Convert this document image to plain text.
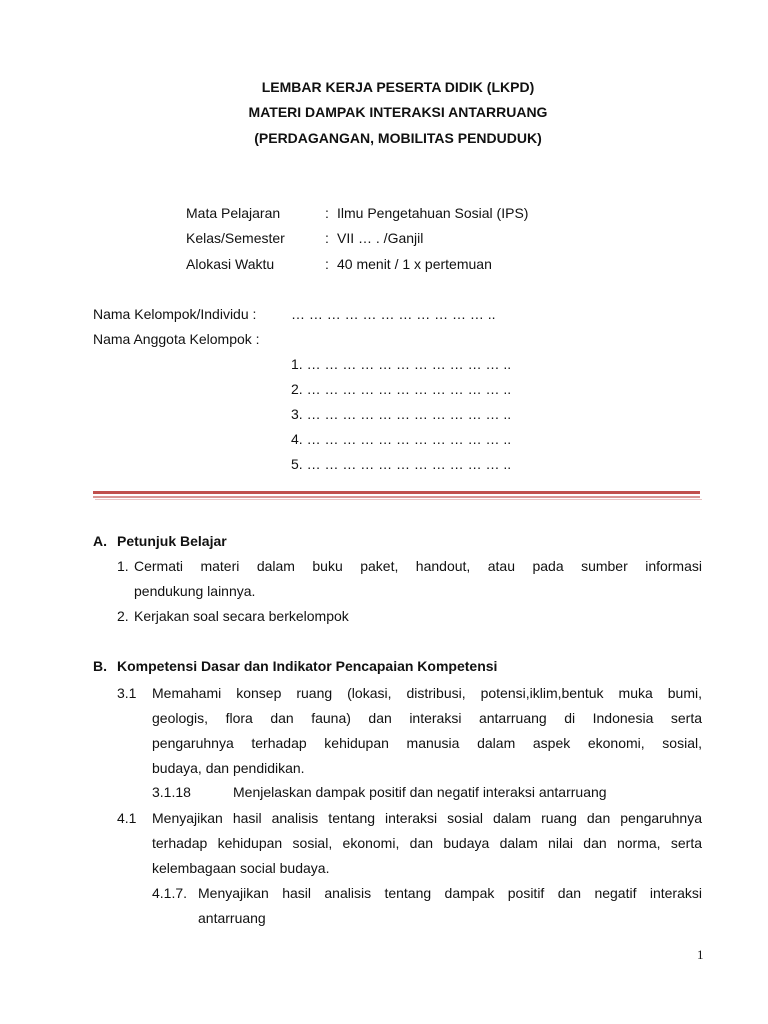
LEMBAR KERJA PESERTA DIDIK (LKPD)
MATERI DAMPAK INTERAKSI ANTARRUANG
(PERDAGANGAN, MOBILITAS PENDUDUK)
Mata Pelajaran	: Ilmu Pengetahuan Sosial (IPS)
Kelas/Semester	: VII … . /Ganjil
Alokasi Waktu	: 40 menit / 1 x pertemuan
Nama Kelompok/Individu : … … … … … … … … … … … ..
Nama Anggota Kelompok :
1. … … … … … … … … … … … ..
2. … … … … … … … … … … … ..
3. … … … … … … … … … … … ..
4. … … … … … … … … … … … ..
5. … … … … … … … … … … … ..
A. Petunjuk Belajar
1. Cermati materi dalam buku paket, handout, atau pada sumber informasi
pendukung lainnya.
2. Kerjakan soal secara berkelompok
B. Kompetensi Dasar dan Indikator Pencapaian Kompetensi
3.1 Memahami konsep ruang (lokasi, distribusi, potensi,iklim,bentuk muka bumi,
geologis, flora dan fauna) dan interaksi antarruang di Indonesia serta
pengaruhnya terhadap kehidupan manusia dalam aspek ekonomi, sosial,
budaya, dan pendidikan.
3.1.18	Menjelaskan dampak positif dan negatif interaksi antarruang
4.1 Menyajikan hasil analisis tentang interaksi sosial dalam ruang dan pengaruhnya
terhadap kehidupan sosial, ekonomi, dan budaya dalam nilai dan norma, serta
kelembagaan social budaya.
4.1.7. Menyajikan hasil analisis tentang dampak positif dan negatif interaksi
antarruang
1
